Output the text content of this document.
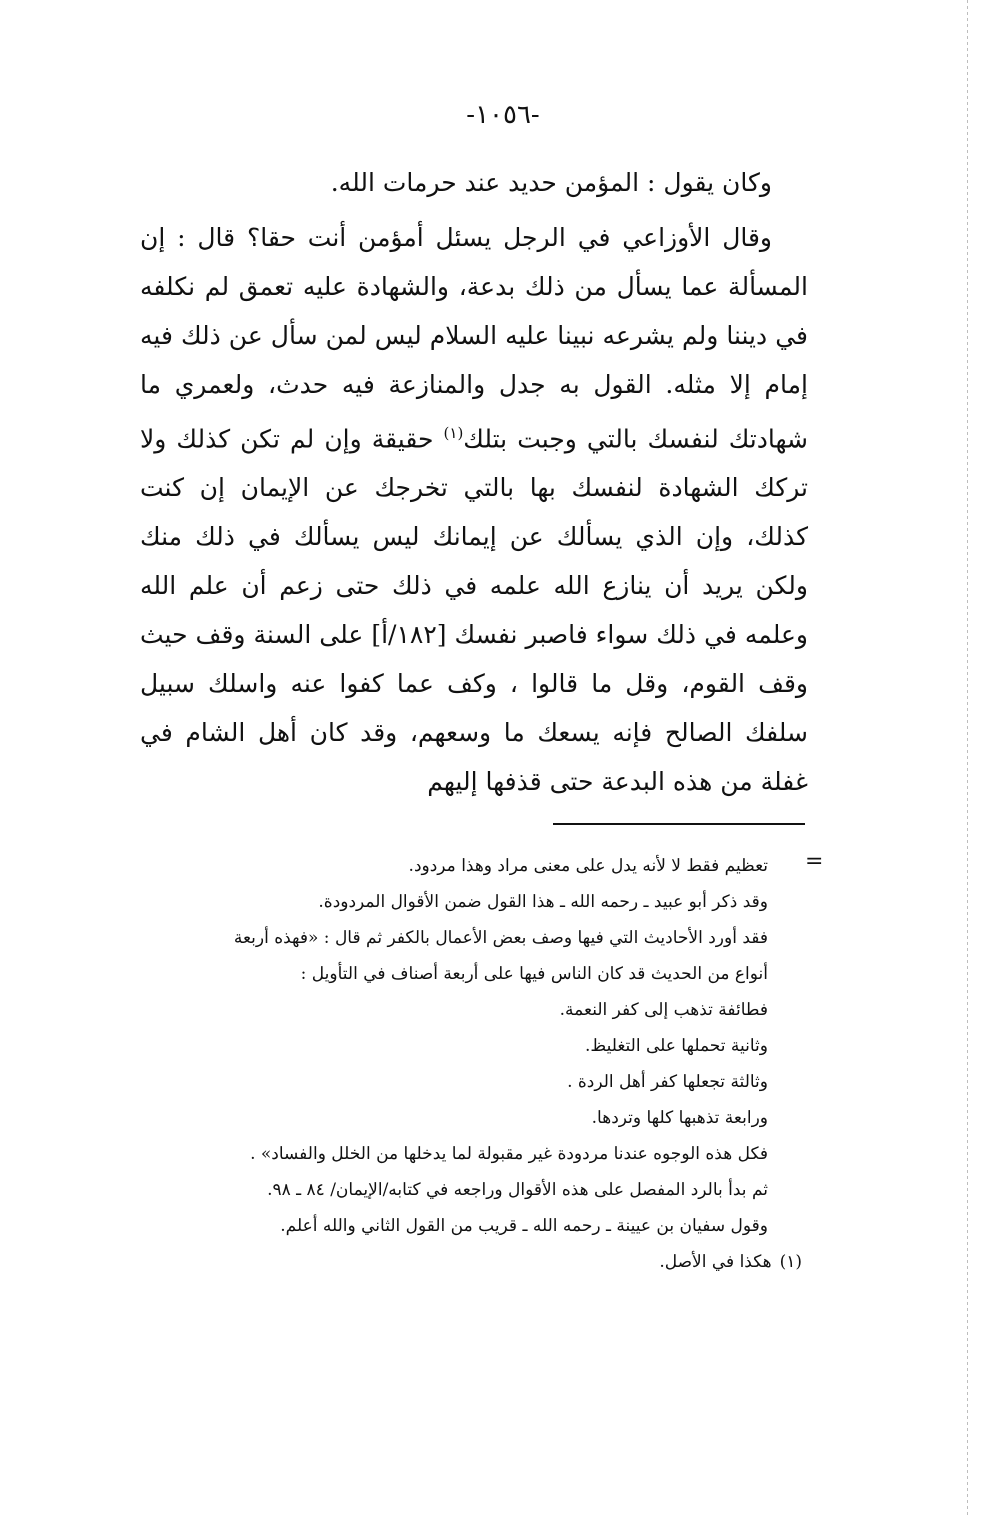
-١٠٥٦-

وكان يقول : المؤمن حديد عند حرمات الله.

وقال الأوزاعي في الرجل يسئل أمؤمن أنت حقا؟ قال : إن المسألة عما يسأل من ذلك بدعة، والشهادة عليه تعمق لم نكلفه في ديننا ولم يشرعه نبينا عليه السلام ليس لمن سأل عن ذلك فيه إمام إلا مثله. القول به جدل والمنازعة فيه حدث، ولعمري ما شهادتك لنفسك بالتي وجبت بتلك$^{(١)}$ حقيقة وإن لم تكن كذلك ولا تركك الشهادة لنفسك بها بالتي تخرجك عن الإيمان إن كنت كذلك، وإن الذي يسألك عن إيمانك ليس يسألك في ذلك منك ولكن يريد أن ينازع الله علمه في ذلك حتى زعم أن علم الله وعلمه في ذلك سواء فاصبر نفسك [١٨٢/أ] على السنة وقف حيث وقف القوم، وقل ما قالوا ، وكف عما كفوا عنه واسلك سبيل سلفك الصالح فإنه يسعك ما وسعهم، وقد كان أهل الشام في غفلة من هذه البدعة حتى قذفها إليهم

=
تعظيم فقط لا لأنه يدل على معنى مراد وهذا مردود.
وقد ذكر أبو عبيد ـ رحمه الله ـ هذا القول ضمن الأقوال المردودة.
فقد أورد الأحاديث التي فيها وصف بعض الأعمال بالكفر ثم قال : «فهذه أربعة
أنواع من الحديث قد كان الناس فيها على أربعة أصناف في التأويل :
فطائفة تذهب إلى كفر النعمة.
وثانية تحملها على التغليظ.
وثالثة تجعلها كفر أهل الردة .
ورابعة تذهبها كلها وتردها.
فكل هذه الوجوه عندنا مردودة غير مقبولة لما يدخلها من الخلل والفساد» .
ثم بدأ بالرد المفصل على هذه الأقوال وراجعه في كتابه/الإيمان/ ٨٤ ـ ٩٨.
وقول سفيان بن عيينة ـ رحمه الله ـ قريب من القول الثاني والله أعلم.
(١)هكذا في الأصل.
